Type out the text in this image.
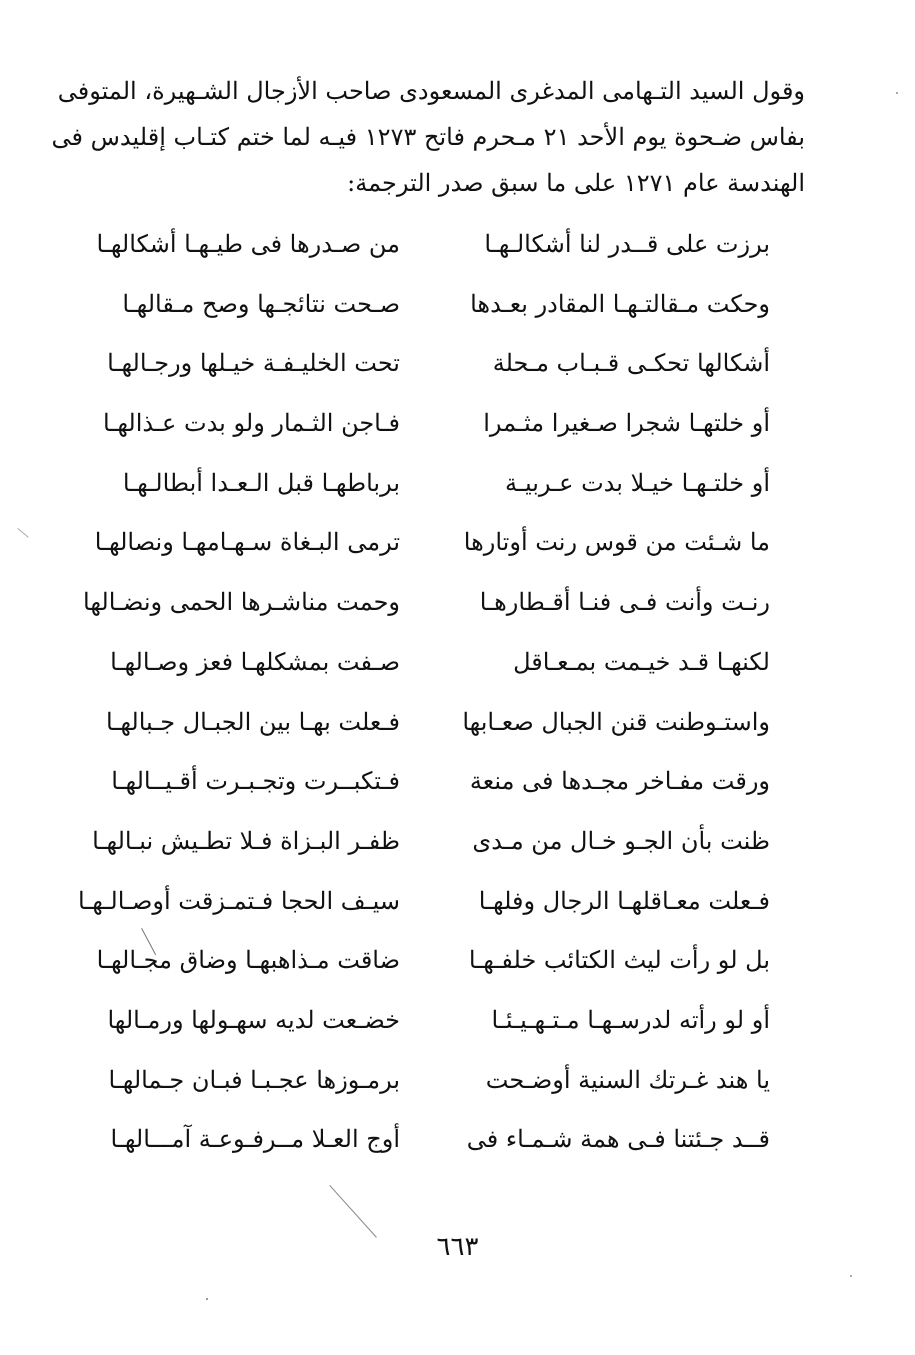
وقول السيد التـهامى المدغرى المسعودى صاحب الأزجال الشـهيرة، المتوفى
بفاس ضـحوة يوم الأحد ٢١ مـحرم فاتح ١٢٧٣ فيـه لما ختم كتـاب إقليدس فى
الهندسة عام ١٢٧١ على ما سبق صدر الترجمة:
برزت على قــدر لنا أشكالـهـا
من صـدرها فى طيـهـا أشكالهـا
وحكت مـقالتـهـا المقادر بعـدها
صـحت نتائجـها وصح مـقالهـا
أشكالها تحكـى قـبـاب مـحلة
تحت الخليـفـة خيـلها ورجـالهـا
أو خلتهـا شجرا صـغيرا مثـمرا
فـاجن الثـمار ولو بدت عـذالهـا
أو خلتـهـا خيـلا بدت عـربيـة
برباطهـا قبل الـعـدا أبطالـهـا
ما شـئت من قوس رنت أوتارها
ترمى البـغاة سـهـامهـا ونصالهـا
رنـت وأنت فـى فنـا أقـطارهـا
وحمت مناشـرها الحمى ونضـالها
لكنهـا قـد خيـمت بمـعـاقل
صـفت بمشكلهـا فعز وصـالهـا
واستـوطنت قنن الجبال صعـابها
فـعلت بهـا بين الجبـال جـبالهـا
ورقت مفـاخر مجـدها فى منعة
فـتكبــرت وتجـبـرت أقـيــالهـا
ظنت بأن الجـو خـال من مـدى
ظفـر البـزاة فـلا تطـيش نبـالهـا
فـعلت معـاقلهـا الرجال وفلهـا
سيـف الحجا فـتمـزقت أوصـالـهـا
بل لو رأت ليث الكتائب خلفـهـا
ضاقت مـذاهبهـا وضاق مجـالهـا
أو لو رأته لدرسـهـا مـتـهـيـئـا
خضـعت لديه سهـولها ورمـالها
يا هند غـرتك السنية أوضـحت
برمـوزها عجـبـا فبـان جـمالهـا
قــد جـئتنا فـى همة شـمـاء فى
أوج العـلا مــرفـوعـة آمـــالهـا
٦٦٣
